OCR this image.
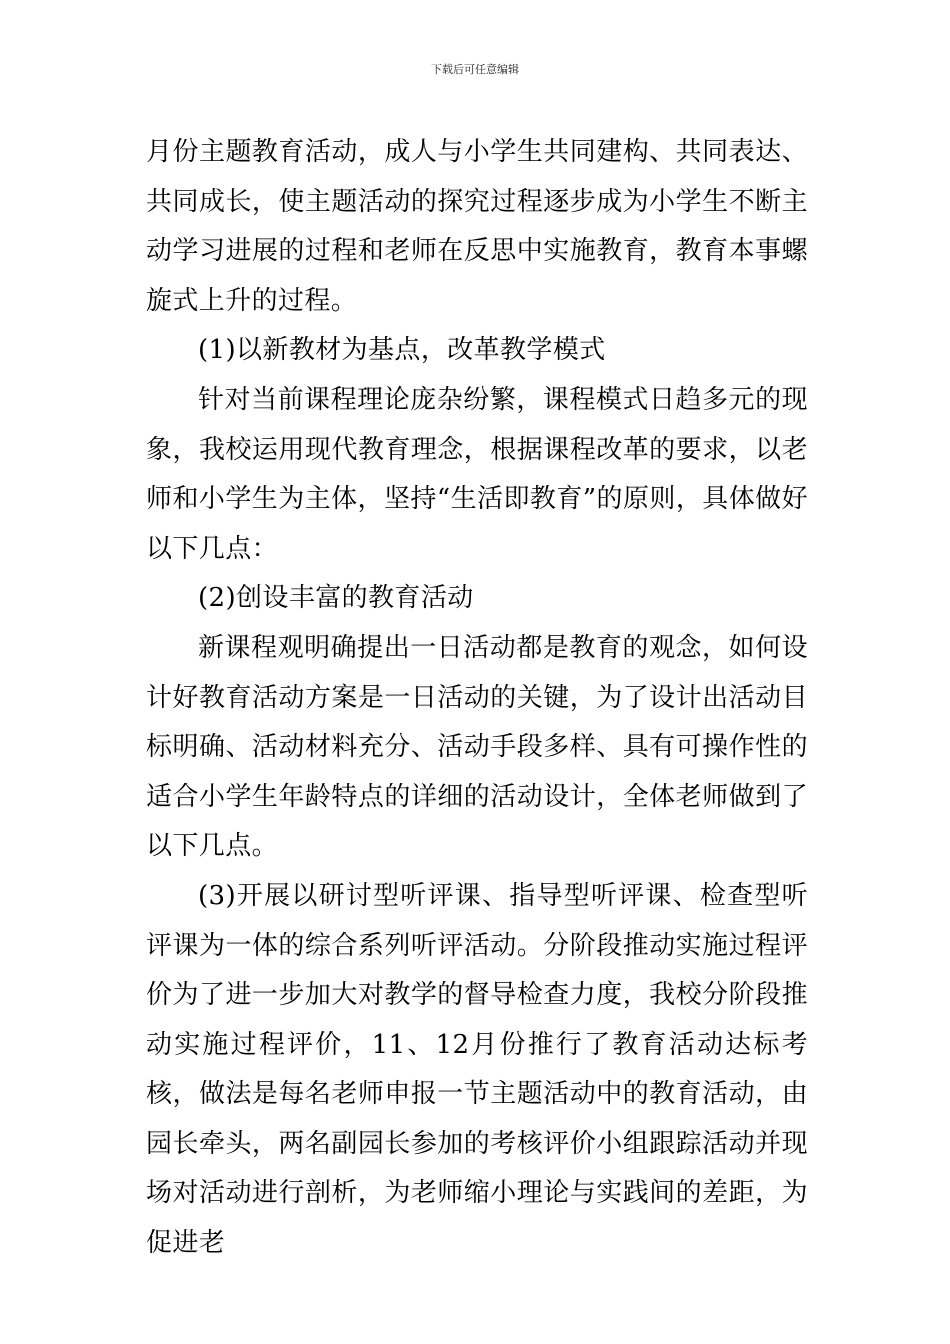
下载后可任意编辑

月份主题教育活动，成人与小学生共同建构、共同表达、共同成长，使主题活动的探究过程逐步成为小学生不断主动学习进展的过程和老师在反思中实施教育，教育本事螺旋式上升的过程。

(1)以新教材为基点，改革教学模式

针对当前课程理论庞杂纷繁，课程模式日趋多元的现象，我校运用现代教育理念，根据课程改革的要求，以老师和小学生为主体，坚持“生活即教育”的原则，具体做好以下几点：

(2)创设丰富的教育活动

新课程观明确提出一日活动都是教育的观念，如何设计好教育活动方案是一日活动的关键，为了设计出活动目标明确、活动材料充分、活动手段多样、具有可操作性的适合小学生年龄特点的详细的活动设计，全体老师做到了以下几点。

(3)开展以研讨型听评课、指导型听评课、检查型听评课为一体的综合系列听评活动。分阶段推动实施过程评价为了进一步加大对教学的督导检查力度，我校分阶段推动实施过程评价，11、12月份推行了教育活动达标考核，做法是每名老师申报一节主题活动中的教育活动，由园长牵头，两名副园长参加的考核评价小组跟踪活动并现场对活动进行剖析，为老师缩小理论与实践间的差距，为促进老
